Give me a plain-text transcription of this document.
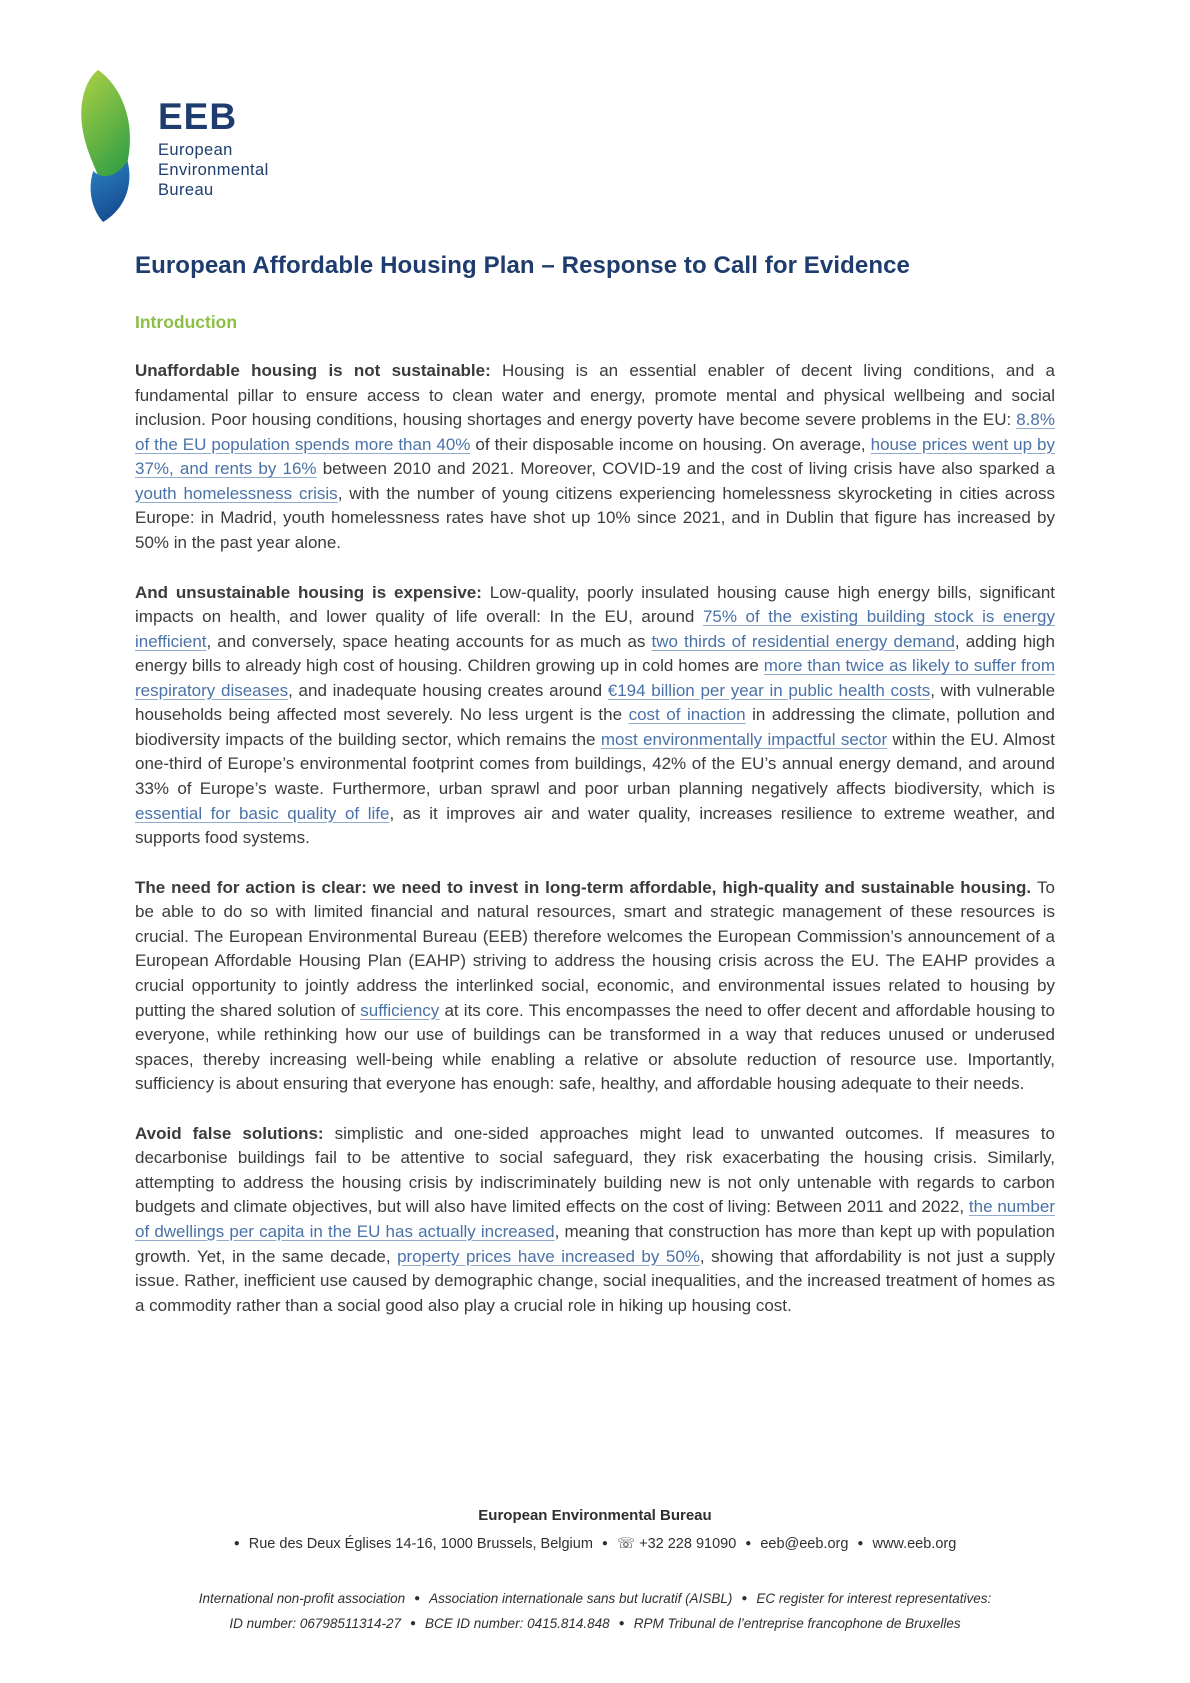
EEB
European
Environmental
Bureau
European Affordable Housing Plan – Response to Call for Evidence
Introduction

Unaffordable housing is not sustainable: Housing is an essential enabler of decent living conditions, and a fundamental pillar to ensure access to clean water and energy, promote mental and physical wellbeing and social inclusion. Poor housing conditions, housing shortages and energy poverty have become severe problems in the EU: 8.8% of the EU population spends more than 40% of their disposable income on housing. On average, house prices went up by 37%, and rents by 16% between 2010 and 2021. Moreover, COVID-19 and the cost of living crisis have also sparked a youth homelessness crisis, with the number of young citizens experiencing homelessness skyrocketing in cities across Europe: in Madrid, youth homelessness rates have shot up 10% since 2021, and in Dublin that figure has increased by 50% in the past year alone.

And unsustainable housing is expensive: Low-quality, poorly insulated housing cause high energy bills, significant impacts on health, and lower quality of life overall: In the EU, around 75% of the existing building stock is energy inefficient, and conversely, space heating accounts for as much as two thirds of residential energy demand, adding high energy bills to already high cost of housing. Children growing up in cold homes are more than twice as likely to suffer from respiratory diseases, and inadequate housing creates around €194 billion per year in public health costs, with vulnerable households being affected most severely. No less urgent is the cost of inaction in addressing the climate, pollution and biodiversity impacts of the building sector, which remains the most environmentally impactful sector within the EU. Almost one-third of Europe’s environmental footprint comes from buildings, 42% of the EU’s annual energy demand, and around 33% of Europe’s waste. Furthermore, urban sprawl and poor urban planning negatively affects biodiversity, which is essential for basic quality of life, as it improves air and water quality, increases resilience to extreme weather, and supports food systems.

The need for action is clear: we need to invest in long-term affordable, high-quality and sustainable housing. To be able to do so with limited financial and natural resources, smart and strategic management of these resources is crucial. The European Environmental Bureau (EEB) therefore welcomes the European Commission’s announcement of a European Affordable Housing Plan (EAHP) striving to address the housing crisis across the EU. The EAHP provides a crucial opportunity to jointly address the interlinked social, economic, and environmental issues related to housing by putting the shared solution of sufficiency at its core. This encompasses the need to offer decent and affordable housing to everyone, while rethinking how our use of buildings can be transformed in a way that reduces unused or underused spaces, thereby increasing well-being while enabling a relative or absolute reduction of resource use. Importantly, sufficiency is about ensuring that everyone has enough: safe, healthy, and affordable housing adequate to their needs.

Avoid false solutions: simplistic and one-sided approaches might lead to unwanted outcomes. If measures to decarbonise buildings fail to be attentive to social safeguard, they risk exacerbating the housing crisis. Similarly, attempting to address the housing crisis by indiscriminately building new is not only untenable with regards to carbon budgets and climate objectives, but will also have limited effects on the cost of living: Between 2011 and 2022, the number of dwellings per capita in the EU has actually increased, meaning that construction has more than kept up with population growth. Yet, in the same decade, property prices have increased by 50%, showing that affordability is not just a supply issue. Rather, inefficient use caused by demographic change, social inequalities, and the increased treatment of homes as a commodity rather than a social good also play a crucial role in hiking up housing cost.

European Environmental Bureau
● Rue des Deux Églises 14-16, 1000 Brussels, Belgium ● ☏ +32 228 91090 ● eeb@eeb.org ● www.eeb.org
International non-profit association ● Association internationale sans but lucratif (AISBL) ● EC register for interest representatives:
ID number: 06798511314-27 ● BCE ID number: 0415.814.848 ● RPM Tribunal de l’entreprise francophone de Bruxelles
